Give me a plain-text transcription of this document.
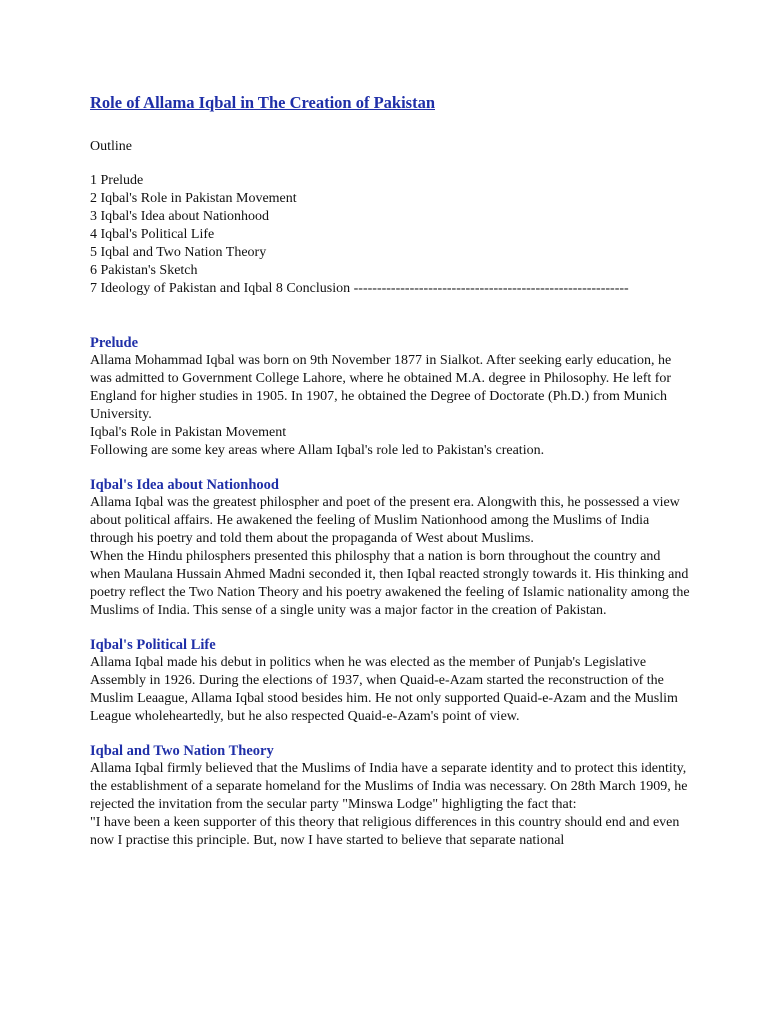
Role of Allama Iqbal in The Creation of Pakistan
Outline
1 Prelude
2 Iqbal's Role in Pakistan Movement
3 Iqbal's Idea about Nationhood
4 Iqbal's Political Life
5 Iqbal and Two Nation Theory
6 Pakistan's Sketch
7 Ideology of Pakistan and Iqbal 8 Conclusion -----------------------------------------------------------
Prelude

Allama Mohammad Iqbal was born on 9th November 1877 in Sialkot. After seeking early education, he was admitted to Government College Lahore, where he obtained M.A. degree in Philosophy. He left for England for higher studies in 1905. In 1907, he obtained the Degree of Doctorate (Ph.D.) from Munich University.

Iqbal's Role in Pakistan Movement

Following are some key areas where Allam Iqbal's role led to Pakistan's creation.

Iqbal's Idea about Nationhood

Allama Iqbal was the greatest philospher and poet of the present era. Alongwith this, he possessed a view about political affairs. He awakened the feeling of Muslim Nationhood among the Muslims of India through his poetry and told them about the propaganda of West about Muslims.

When the Hindu philosphers presented this philosphy that a nation is born throughout the country and when Maulana Hussain Ahmed Madni seconded it, then Iqbal reacted strongly towards it. His thinking and poetry reflect the Two Nation Theory and his poetry awakened the feeling of Islamic nationality among the Muslims of India. This sense of a single unity was a major factor in the creation of Pakistan.

Iqbal's Political Life

Allama Iqbal made his debut in politics when he was elected as the member of Punjab's Legislative Assembly in 1926. During the elections of 1937, when Quaid-e-Azam started the reconstruction of the Muslim Leaague, Allama Iqbal stood besides him. He not only supported Quaid-e-Azam and the Muslim League wholeheartedly, but he also respected Quaid-e-Azam's point of view.

Iqbal and Two Nation Theory

Allama Iqbal firmly believed that the Muslims of India have a separate identity and to protect this identity, the establishment of a separate homeland for the Muslims of India was necessary. On 28th March 1909, he rejected the invitation from the secular party "Minswa Lodge" highligting the fact that:

"I have been a keen supporter of this theory that religious differences in this country should end and even now I practise this principle. But, now I have started to believe that separate national
